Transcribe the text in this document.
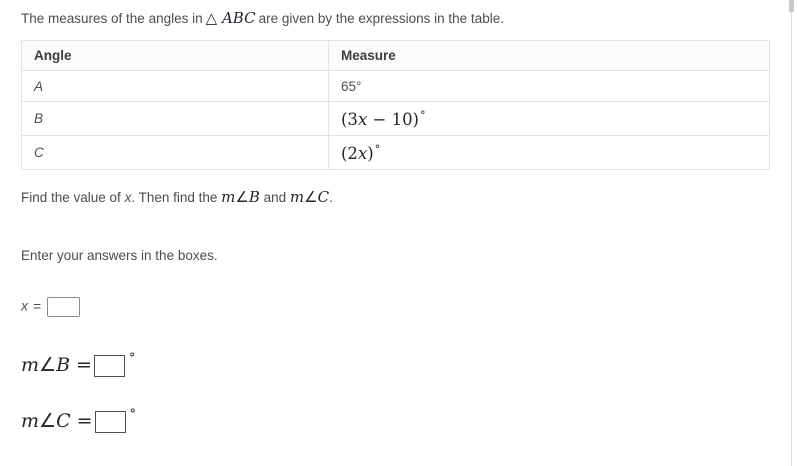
The measures of the angles in △ ABC are given by the expressions in the table.
Angle	Measure
A	65°
B	(3x − 10)°
C	(2x)°
Find the value of x. Then find the m∠B and m∠C.
Enter your answers in the boxes.
x =
m∠B =	°
m∠C =	°
